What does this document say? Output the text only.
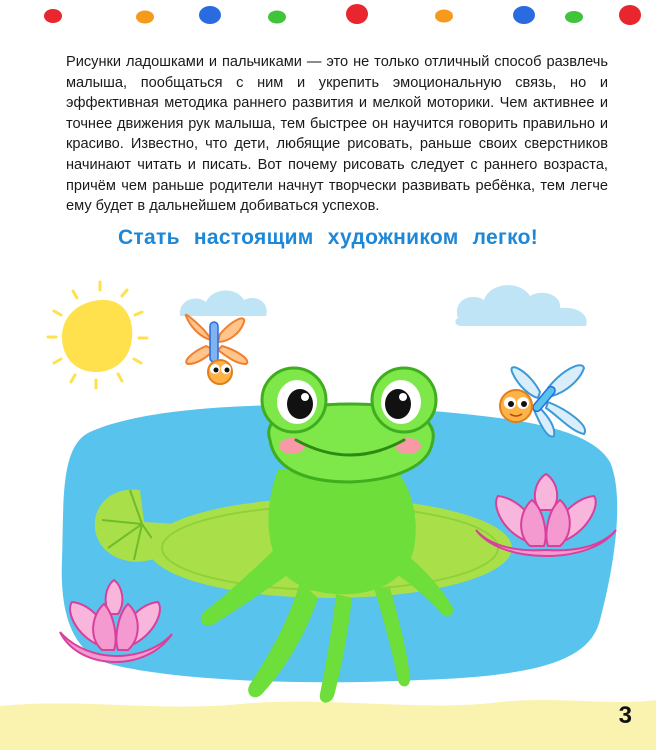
Рисунки ладошками и пальчиками — это не только отличный способ развлечь малыша, пообщаться с ним и укрепить эмоциональную связь, но и эффективная методика раннего развития и мелкой моторики. Чем активнее и точнее движения рук малыша, тем быстрее он научится говорить правильно и красиво. Известно, что дети, любящие рисовать, раньше своих сверстников начинают читать и писать. Вот почему рисовать следует с раннего возраста, причём чем раньше родители начнут творчески развивать ребёнка, тем легче ему будет в дальнейшем добиваться успехов.

Стать настоящим художником легко!
3
